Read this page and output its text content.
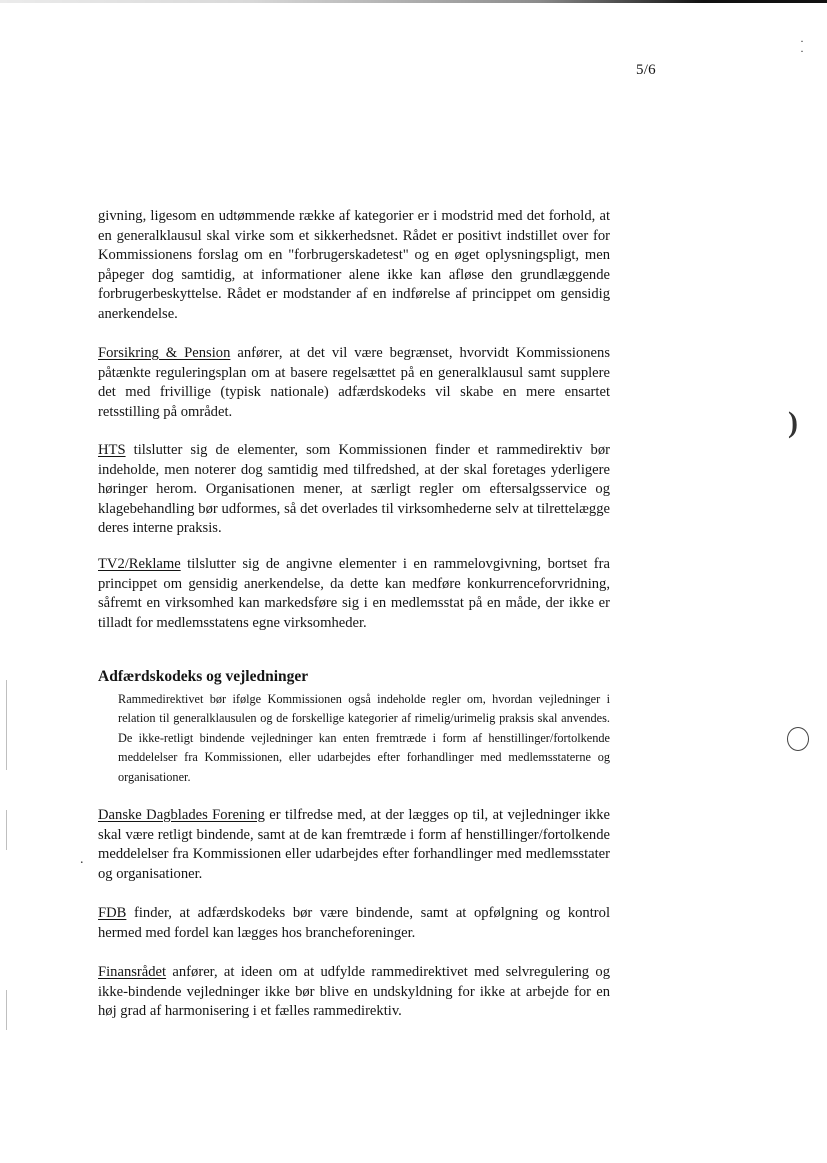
5/6
·
·
)
.

givning, ligesom en udtømmende række af kategorier er i modstrid med det forhold, at en generalklausul skal virke som et sikkerhedsnet. Rådet er positivt indstillet over for Kommissionens forslag om en "forbrugerskadetest" og en øget oplysningspligt, men påpeger dog samtidig, at informationer alene ikke kan afløse den grundlæggende forbrugerbeskyttelse. Rådet er modstander af en indførelse af princippet om gensidig anerkendelse.

Forsikring & Pension anfører, at det vil være begrænset, hvorvidt Kommissionens påtænkte reguleringsplan om at basere regelsættet på en generalklausul samt supplere det med frivillige (typisk nationale) adfærdskodeks vil skabe en mere ensartet retsstilling på området.

HTS tilslutter sig de elementer, som Kommissionen finder et rammedirektiv bør indeholde, men noterer dog samtidig med tilfredshed, at der skal foretages yderligere høringer herom. Organisationen mener, at særligt regler om eftersalgsservice og klagebehandling bør udformes, så det overlades til virksomhederne selv at tilrettelægge deres interne praksis.

TV2/Reklame tilslutter sig de angivne elementer i en rammelovgivning, bortset fra princippet om gensidig anerkendelse, da dette kan medføre konkurrenceforvridning, såfremt en virksomhed kan markedsføre sig i en medlemsstat på en måde, der ikke er tilladt for medlemsstatens egne virksomheder.

Adfærdskodeks og vejledninger

Rammedirektivet bør ifølge Kommissionen også indeholde regler om, hvordan vejledninger i relation til generalklausulen og de forskellige kategorier af rimelig/urimelig praksis skal anvendes. De ikke-retligt bindende vejledninger kan enten fremtræde i form af henstillinger/fortolkende meddelelser fra Kommissionen, eller udarbejdes efter forhandlinger med medlemsstaterne og organisationer.

Danske Dagblades Forening er tilfredse med, at der lægges op til, at vejledninger ikke skal være retligt bindende, samt at de kan fremtræde i form af henstillinger/fortolkende meddelelser fra Kommissionen eller udarbejdes efter forhandlinger med medlemsstater og organisationer.

FDB finder, at adfærdskodeks bør være bindende, samt at opfølgning og kontrol hermed med fordel kan lægges hos brancheforeninger.

Finansrådet anfører, at ideen om at udfylde rammedirektivet med selvregulering og ikke-bindende vejledninger ikke bør blive en undskyldning for ikke at arbejde for en høj grad af harmonisering i et fælles rammedirektiv.
